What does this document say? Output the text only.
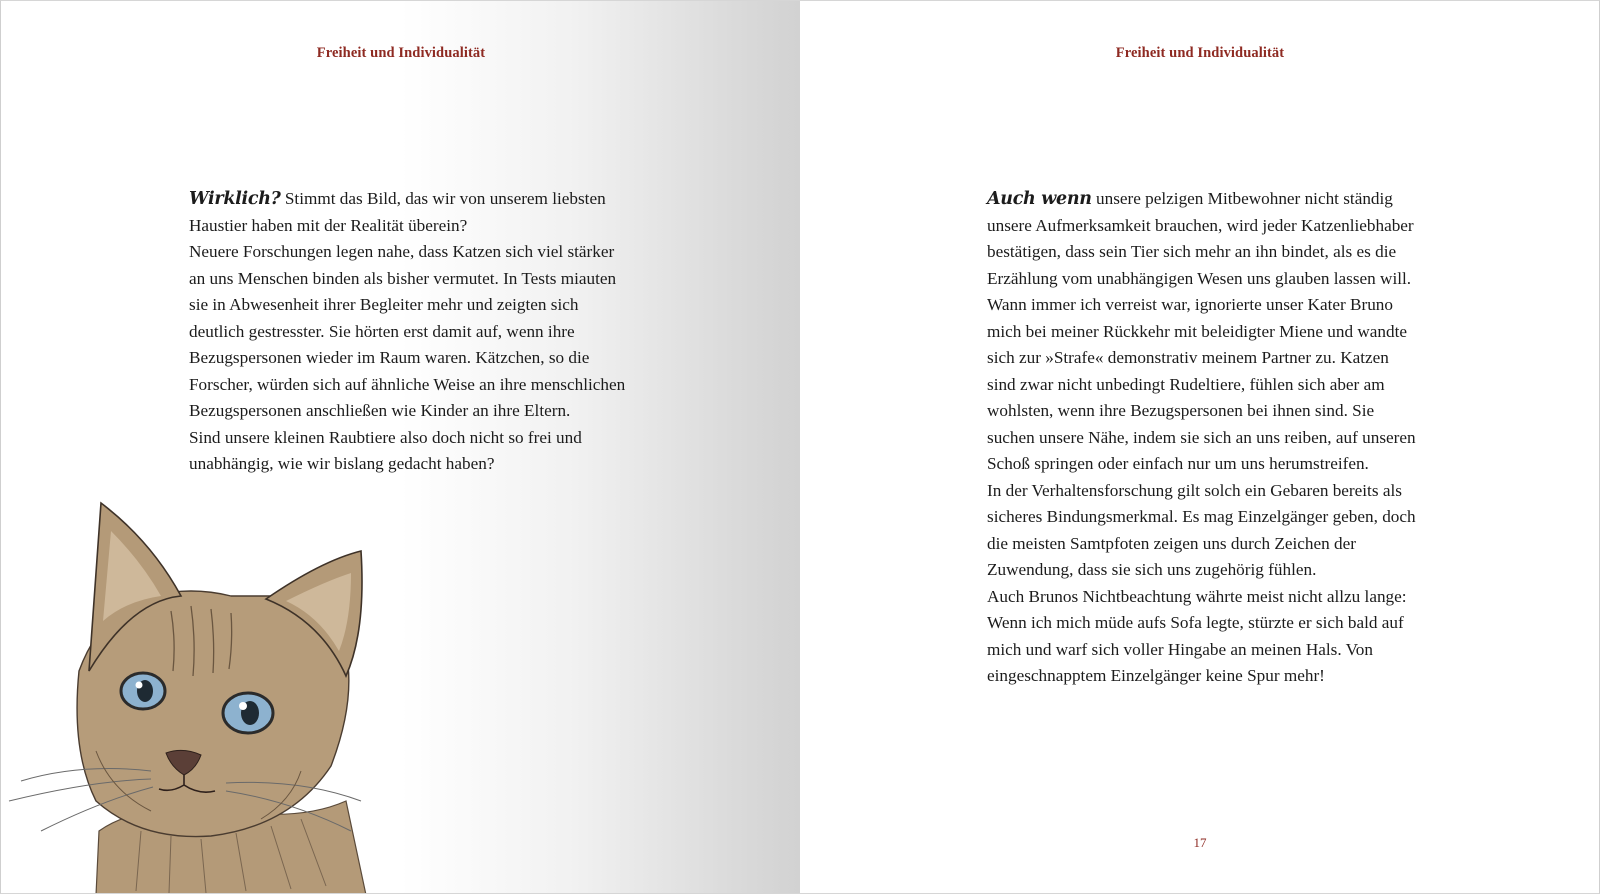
Freiheit und Individualität

Wirklich? Stimmt das Bild, das wir von unserem liebsten Haustier haben mit der Realität überein?

Neuere Forschungen legen nahe, dass Katzen sich viel stärker an uns Menschen binden als bisher vermutet. In Tests miauten sie in Abwesenheit ihrer Begleiter mehr und zeigten sich deutlich gestresster. Sie hörten erst damit auf, wenn ihre Bezugspersonen wieder im Raum waren. Kätzchen, so die Forscher, würden sich auf ähnliche Weise an ihre menschlichen Bezugspersonen anschließen wie Kinder an ihre Eltern.

Sind unsere kleinen Raubtiere also doch nicht so frei und unabhängig, wie wir bislang gedacht haben?

Freiheit und Individualität

Auch wenn unsere pelzigen Mitbewohner nicht ständig unsere Aufmerksamkeit brauchen, wird jeder Katzenliebhaber bestätigen, dass sein Tier sich mehr an ihn bindet, als es die Erzählung vom unabhängigen Wesen uns glauben lassen will.

Wann immer ich verreist war, ignorierte unser Kater Bruno mich bei meiner Rückkehr mit beleidigter Miene und wandte sich zur »Strafe« demonstrativ meinem Partner zu. Katzen sind zwar nicht unbedingt Rudeltiere, fühlen sich aber am wohlsten, wenn ihre Bezugspersonen bei ihnen sind. Sie suchen unsere Nähe, indem sie sich an uns reiben, auf unseren Schoß springen oder einfach nur um uns herumstreifen.

In der Verhaltensforschung gilt solch ein Gebaren bereits als sicheres Bindungsmerkmal. Es mag Einzelgänger geben, doch die meisten Samtpfoten zeigen uns durch Zeichen der Zuwendung, dass sie sich uns zugehörig fühlen.

Auch Brunos Nichtbeachtung währte meist nicht allzu lange: Wenn ich mich müde aufs Sofa legte, stürzte er sich bald auf mich und warf sich voller Hingabe an meinen Hals. Von eingeschnapptem Einzelgänger keine Spur mehr!

17
